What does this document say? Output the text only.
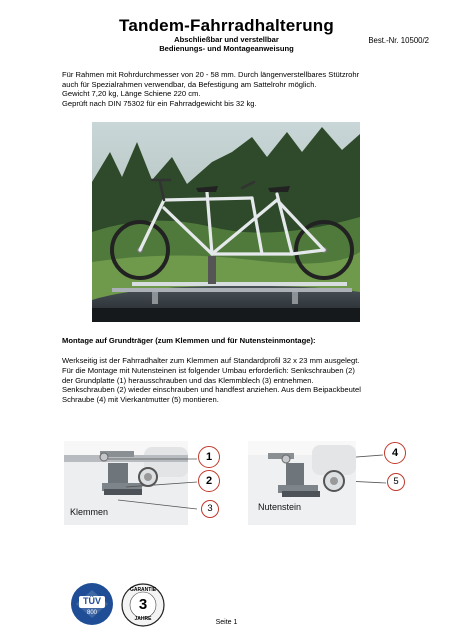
Tandem-Fahrradhalterung
Abschließbar und verstellbar
Bedienungs- und Montageanweisung
Best.-Nr. 10500/2
Für Rahmen mit Rohrdurchmesser von 20 - 58 mm. Durch längenverstellbares Stützrohr
auch für Spezialrahmen verwendbar, da Befestigung am Sattelrohr möglich.
Gewicht 7,20 kg, Länge Schiene 220 cm.
Geprüft nach DIN 75302 für ein Fahrradgewicht bis 32 kg.
Montage auf Grundträger (zum Klemmen und für Nutensteinmontage):
Werkseitig ist der Fahrradhalter zum Klemmen auf Standardprofil 32 x 23 mm ausgelegt.
Für die Montage mit Nutensteinen ist folgender Umbau erforderlich: Senkschrauben (2)
der Grundplatte (1) herausschrauben und das Klemmblech (3) entnehmen.
Senkschrauben (2) wieder einschrauben und handfest anziehen. Aus dem Beipackbeutel
Schraube (4) mit Vierkantmutter (5) montieren.
Klemmen
1
2
3	Nutenstein
4
5
TÜV
800
GARANTIE
3
JAHRE	Seite 1
